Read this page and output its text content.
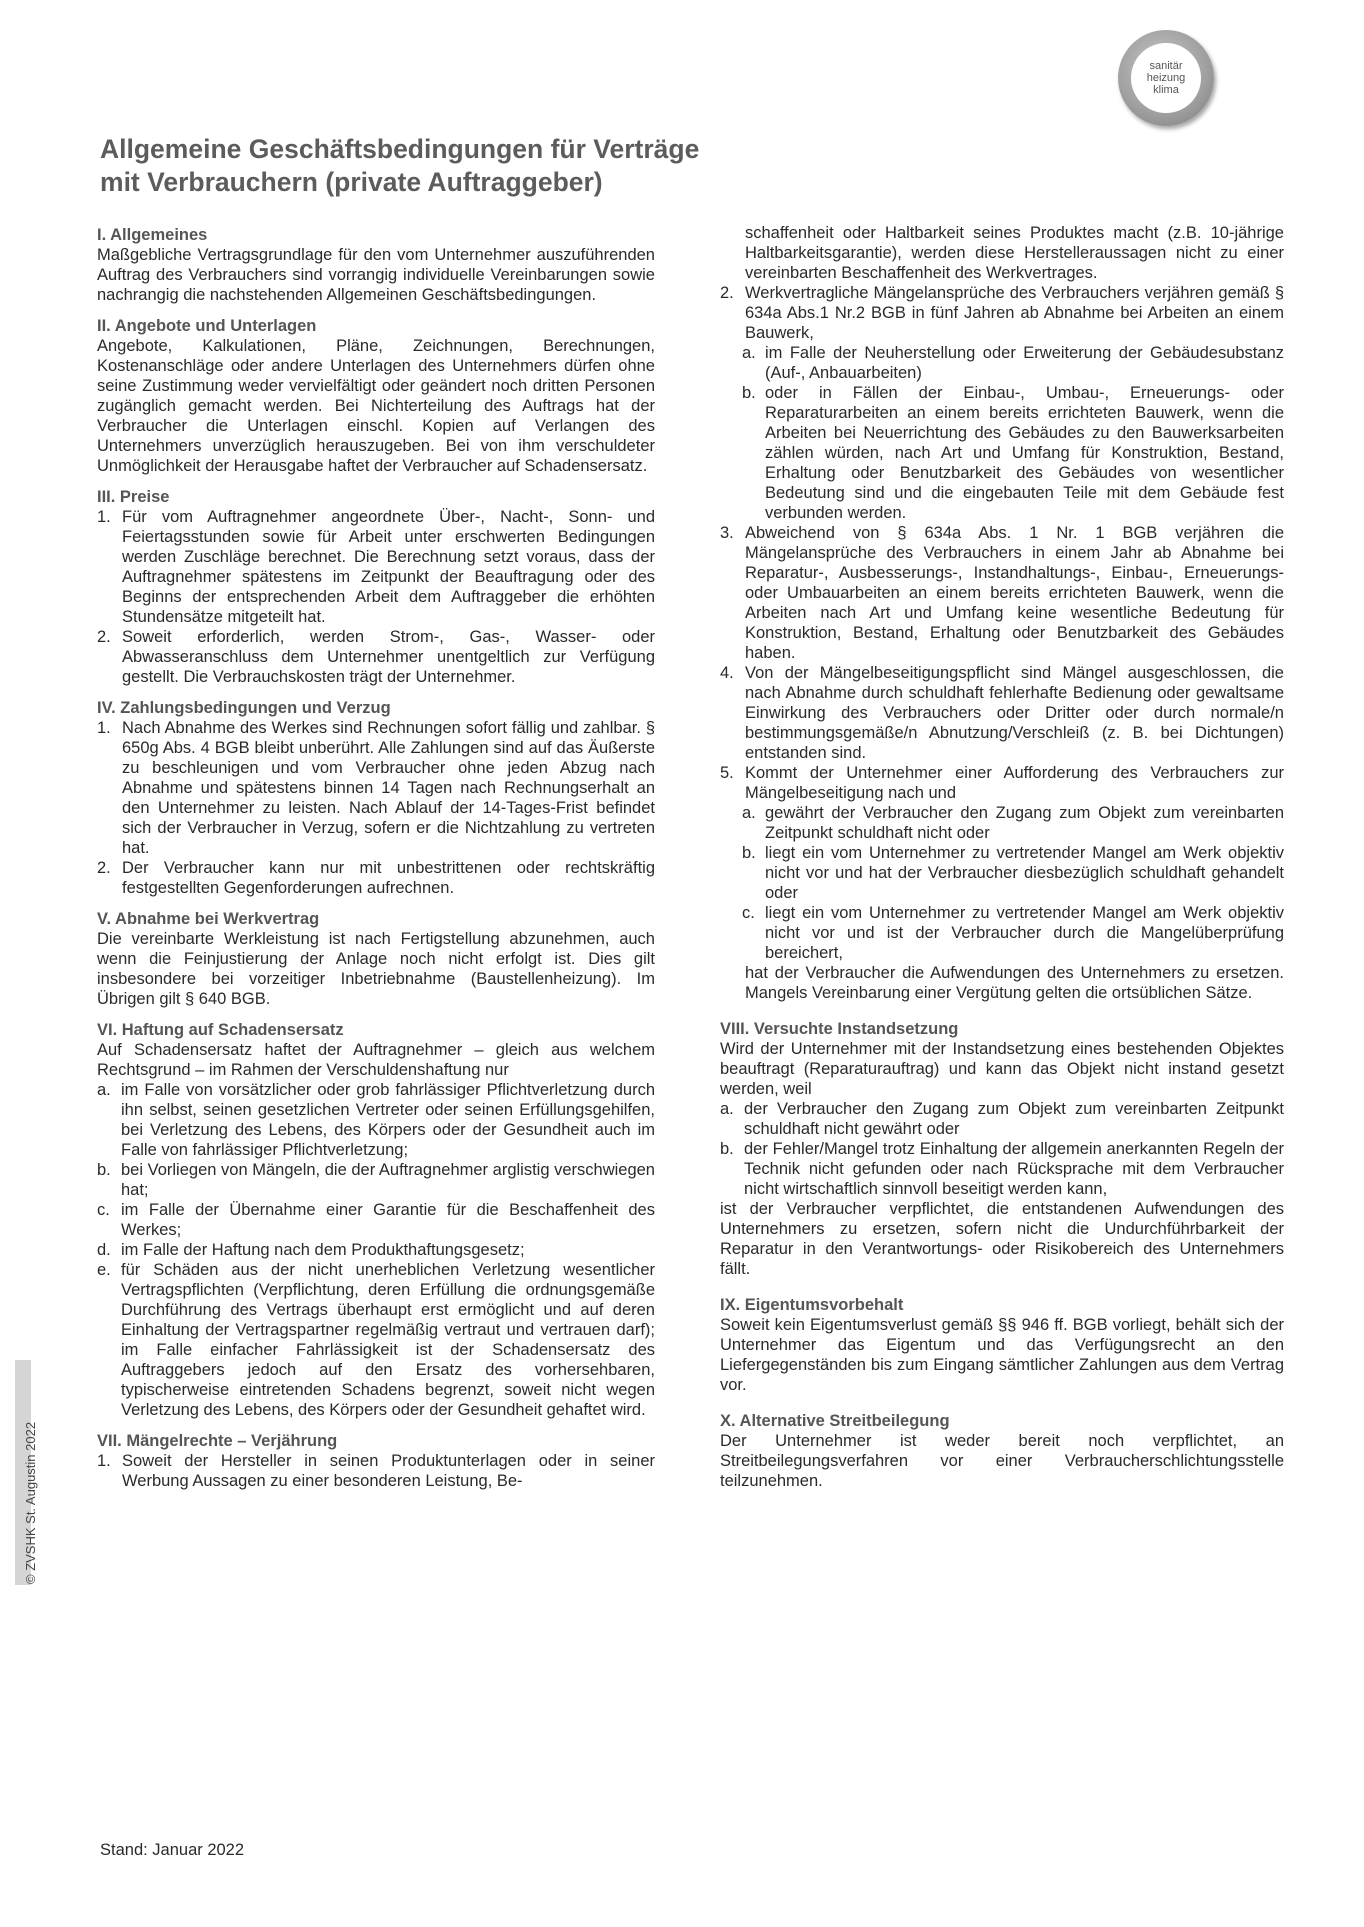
sanitär
heizung
klima
Allgemeine Geschäftsbedingungen für Verträge
mit Verbrauchern (private Auftraggeber)
I. Allgemeines

Maßgebliche Vertragsgrundlage für den vom Unternehmer auszuführenden Auftrag des Verbrauchers sind vorrangig individuelle Vereinbarungen sowie nachrangig die nachstehenden Allgemeinen Geschäftsbedingungen.

II. Angebote und Unterlagen

Angebote, Kalkulationen, Pläne, Zeichnungen, Berechnungen, Kostenanschläge oder andere Unterlagen des Unternehmers dürfen ohne seine Zustimmung weder vervielfältigt oder geändert noch dritten Personen zugänglich gemacht werden. Bei Nichterteilung des Auftrags hat der Verbraucher die Unterlagen einschl. Kopien auf Verlangen des Unternehmers unverzüglich herauszugeben. Bei von ihm verschuldeter Unmöglichkeit der Herausgabe haftet der Verbraucher auf Schadensersatz.

III. Preise
1. Für vom Auftragnehmer angeordnete Über-, Nacht-, Sonn- und Feiertagsstunden sowie für Arbeit unter erschwerten Bedingungen werden Zuschläge berechnet. Die Berechnung setzt voraus, dass der Auftragnehmer spätestens im Zeitpunkt der Beauftragung oder des Beginns der entsprechenden Arbeit dem Auftraggeber die erhöhten Stundensätze mitgeteilt hat.
2. Soweit erforderlich, werden Strom-, Gas-, Wasser- oder Abwasseranschluss dem Unternehmer unentgeltlich zur Verfügung gestellt. Die Verbrauchskosten trägt der Unternehmer.
IV. Zahlungsbedingungen und Verzug
1. Nach Abnahme des Werkes sind Rechnungen sofort fällig und zahlbar. § 650g Abs. 4 BGB bleibt unberührt. Alle Zahlungen sind auf das Äußerste zu beschleunigen und vom Verbraucher ohne jeden Abzug nach Abnahme und spätestens binnen 14 Tagen nach Rechnungserhalt an den Unternehmer zu leisten. Nach Ablauf der 14-Tages-Frist befindet sich der Verbraucher in Verzug, sofern er die Nichtzahlung zu vertreten hat.
2. Der Verbraucher kann nur mit unbestrittenen oder rechtskräftig festgestellten Gegenforderungen aufrechnen.
V. Abnahme bei Werkvertrag

Die vereinbarte Werkleistung ist nach Fertigstellung abzunehmen, auch wenn die Feinjustierung der Anlage noch nicht erfolgt ist. Dies gilt insbesondere bei vorzeitiger Inbetriebnahme (Baustellenheizung). Im Übrigen gilt § 640 BGB.

VI. Haftung auf Schadensersatz

Auf Schadensersatz haftet der Auftragnehmer – gleich aus welchem Rechtsgrund – im Rahmen der Verschuldenshaftung nur

a. im Falle von vorsätzlicher oder grob fahrlässiger Pflichtverletzung durch ihn selbst, seinen gesetzlichen Vertreter oder seinen Erfüllungsgehilfen, bei Verletzung des Lebens, des Körpers oder der Gesundheit auch im Falle von fahrlässiger Pflichtverletzung;
b. bei Vorliegen von Mängeln, die der Auftragnehmer arglistig verschwiegen hat;
c. im Falle der Übernahme einer Garantie für die Beschaffenheit des Werkes;
d. im Falle der Haftung nach dem Produkthaftungsgesetz;
e. für Schäden aus der nicht unerheblichen Verletzung wesentlicher Vertragspflichten (Verpflichtung, deren Erfüllung die ordnungsgemäße Durchführung des Vertrags überhaupt erst ermöglicht und auf deren Einhaltung der Vertragspartner regelmäßig vertraut und vertrauen darf); im Falle einfacher Fahrlässigkeit ist der Schadensersatz des Auftraggebers jedoch auf den Ersatz des vorhersehbaren, typischerweise eintretenden Schadens begrenzt, soweit nicht wegen Verletzung des Lebens, des Körpers oder der Gesundheit gehaftet wird.
VII. Mängelrechte – Verjährung
1. Soweit der Hersteller in seinen Produktunterlagen oder in seiner Werbung Aussagen zu einer besonderen Leistung, Be-

schaffenheit oder Haltbarkeit seines Produktes macht (z.B. 10-jährige Haltbarkeitsgarantie), werden diese Herstelleraussagen nicht zu einer vereinbarten Beschaffenheit des Werkvertrages.

2. Werkvertragliche Mängelansprüche des Verbrauchers verjähren gemäß § 634a Abs.1 Nr.2 BGB in fünf Jahren ab Abnahme bei Arbeiten an einem Bauwerk,
a. im Falle der Neuherstellung oder Erweiterung der Gebäudesubstanz (Auf-, Anbauarbeiten)
b. oder in Fällen der Einbau-, Umbau-, Erneuerungs- oder Reparaturarbeiten an einem bereits errichteten Bauwerk, wenn die Arbeiten bei Neuerrichtung des Gebäudes zu den Bauwerksarbeiten zählen würden, nach Art und Umfang für Konstruktion, Bestand, Erhaltung oder Benutzbarkeit des Gebäudes von wesentlicher Bedeutung sind und die eingebauten Teile mit dem Gebäude fest verbunden werden.
3. Abweichend von § 634a Abs. 1 Nr. 1 BGB verjähren die Mängelansprüche des Verbrauchers in einem Jahr ab Abnahme bei Reparatur-, Ausbesserungs-, Instandhaltungs-, Einbau-, Erneuerungs- oder Umbauarbeiten an einem bereits errichteten Bauwerk, wenn die Arbeiten nach Art und Umfang keine wesentliche Bedeutung für Konstruktion, Bestand, Erhaltung oder Benutzbarkeit des Gebäudes haben.
4. Von der Mängelbeseitigungspflicht sind Mängel ausgeschlossen, die nach Abnahme durch schuldhaft fehlerhafte Bedienung oder gewaltsame Einwirkung des Verbrauchers oder Dritter oder durch normale/n bestimmungsgemäße/n Abnutzung/Verschleiß (z. B. bei Dichtungen) entstanden sind.
5. Kommt der Unternehmer einer Aufforderung des Verbrauchers zur Mängelbeseitigung nach und
a. gewährt der Verbraucher den Zugang zum Objekt zum vereinbarten Zeitpunkt schuldhaft nicht oder
b. liegt ein vom Unternehmer zu vertretender Mangel am Werk objektiv nicht vor und hat der Verbraucher diesbezüglich schuldhaft gehandelt oder
c. liegt ein vom Unternehmer zu vertretender Mangel am Werk objektiv nicht vor und ist der Verbraucher durch die Mangelüberprüfung bereichert,

hat der Verbraucher die Aufwendungen des Unternehmers zu ersetzen. Mangels Vereinbarung einer Vergütung gelten die ortsüblichen Sätze.

VIII. Versuchte Instandsetzung

Wird der Unternehmer mit der Instandsetzung eines bestehenden Objektes beauftragt (Reparaturauftrag) und kann das Objekt nicht instand gesetzt werden, weil

a. der Verbraucher den Zugang zum Objekt zum vereinbarten Zeitpunkt schuldhaft nicht gewährt oder
b. der Fehler/Mangel trotz Einhaltung der allgemein anerkannten Regeln der Technik nicht gefunden oder nach Rücksprache mit dem Verbraucher nicht wirtschaftlich sinnvoll beseitigt werden kann,

ist der Verbraucher verpflichtet, die entstandenen Aufwendungen des Unternehmers zu ersetzen, sofern nicht die Undurchführbarkeit der Reparatur in den Verantwortungs- oder Risikobereich des Unternehmers fällt.

IX. Eigentumsvorbehalt

Soweit kein Eigentumsverlust gemäß §§ 946 ff. BGB vorliegt, behält sich der Unternehmer das Eigentum und das Verfügungsrecht an den Liefergegenständen bis zum Eingang sämtlicher Zahlungen aus dem Vertrag vor.

X. Alternative Streitbeilegung

Der Unternehmer ist weder bereit noch verpflichtet, an Streitbeilegungsverfahren vor einer Verbraucherschlichtungsstelle teilzunehmen.

Stand: Januar 2022
© ZVSHK St. Augustin 2022
